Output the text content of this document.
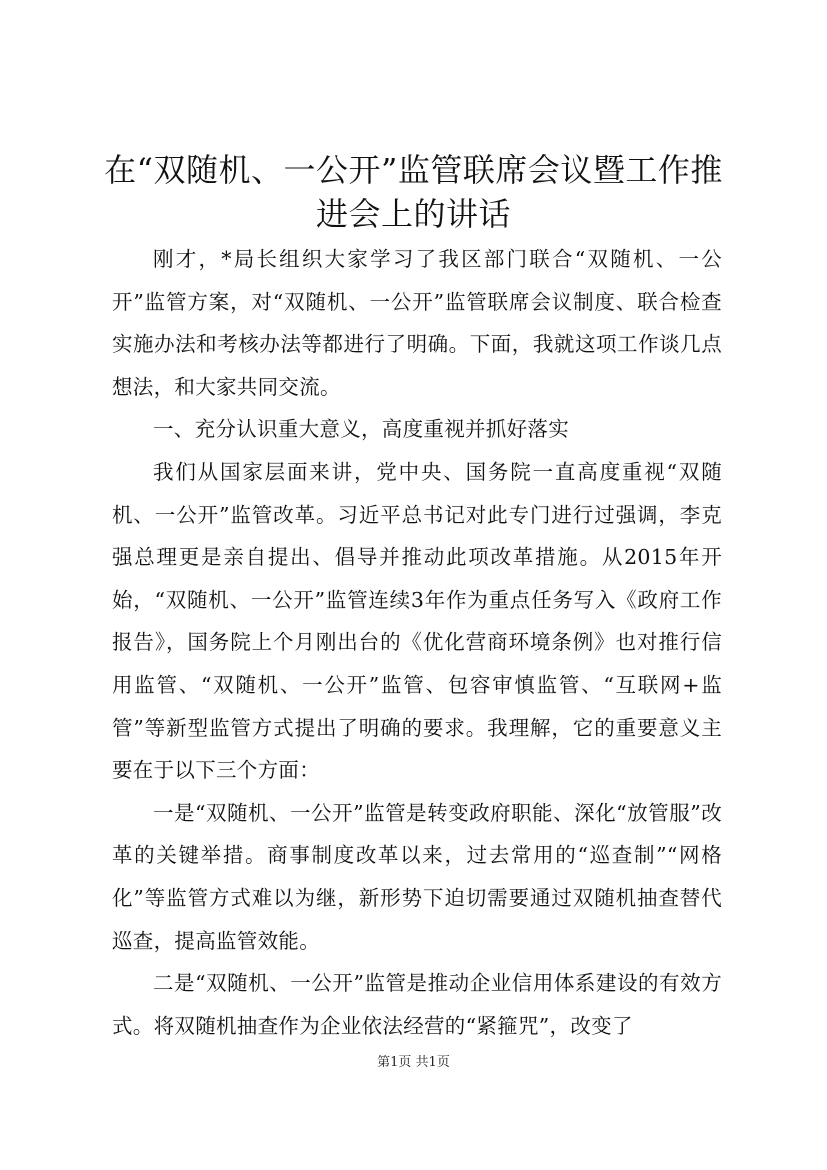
在“双随机、一公开”监管联席会议暨工作推
进会上的讲话

刚才，*局长组织大家学习了我区部门联合“双随机、一公开”监管方案，对“双随机、一公开”监管联席会议制度、联合检查实施办法和考核办法等都进行了明确。下面，我就这项工作谈几点想法，和大家共同交流。

一、充分认识重大意义，高度重视并抓好落实

我们从国家层面来讲，党中央、国务院一直高度重视“双随机、一公开”监管改革。习近平总书记对此专门进行过强调，李克强总理更是亲自提出、倡导并推动此项改革措施。从2015年开始，“双随机、一公开”监管连续3年作为重点任务写入《政府工作报告》，国务院上个月刚出台的《优化营商环境条例》也对推行信用监管、“双随机、一公开”监管、包容审慎监管、“互联网+监管”等新型监管方式提出了明确的要求。我理解，它的重要意义主要在于以下三个方面：

一是“双随机、一公开”监管是转变政府职能、深化“放管服”改革的关键举措。商事制度改革以来，过去常用的“巡查制”“网格化”等监管方式难以为继，新形势下迫切需要通过双随机抽查替代巡查，提高监管效能。

二是“双随机、一公开”监管是推动企业信用体系建设的有效方式。将双随机抽查作为企业依法经营的“紧箍咒”，改变了

第1页 共1页
